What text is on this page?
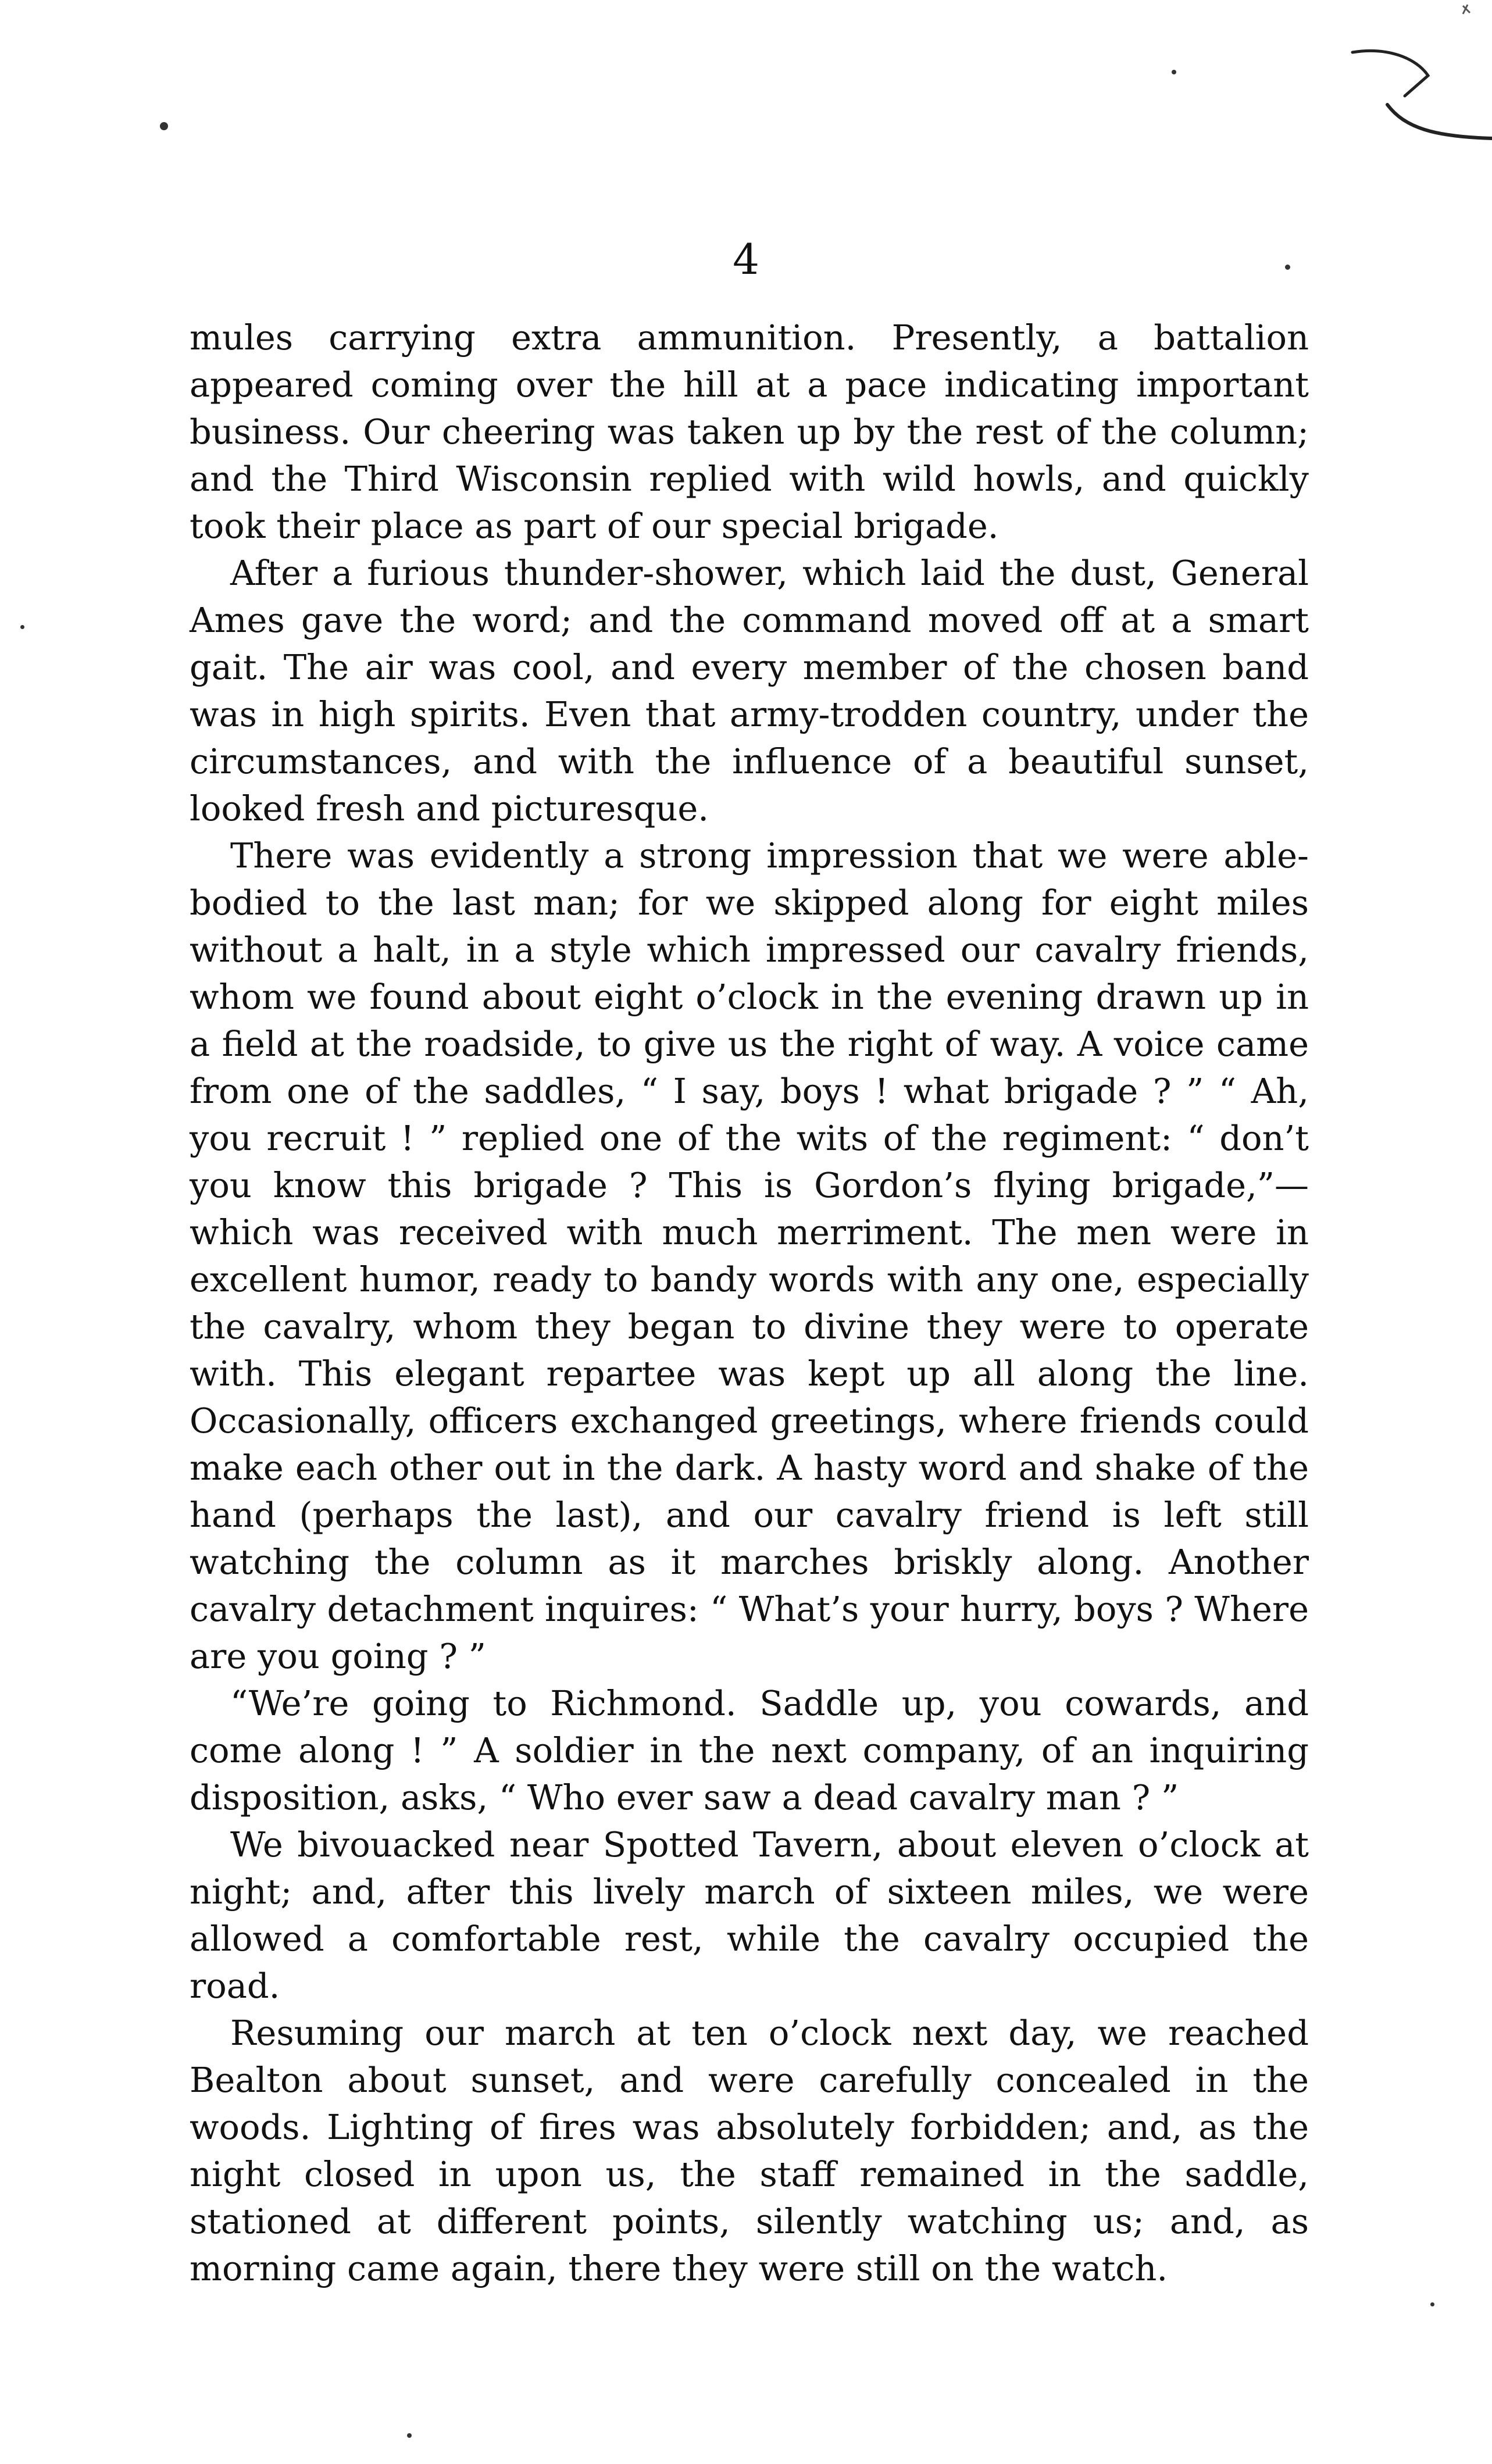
4

mules carrying extra ammunition. Presently, a battalion appeared coming over the hill at a pace indicating important business. Our cheering was taken up by the rest of the column; and the Third Wisconsin replied with wild howls, and quickly took their place as part of our special brigade.

After a furious thunder-shower, which laid the dust, General Ames gave the word; and the command moved off at a smart gait. The air was cool, and every member of the chosen band was in high spirits. Even that army-trodden country, under the circumstances, and with the influence of a beautiful sunset, looked fresh and picturesque.

There was evidently a strong impression that we were able-bodied to the last man; for we skipped along for eight miles without a halt, in a style which impressed our cavalry friends, whom we found about eight o’clock in the evening drawn up in a field at the roadside, to give us the right of way. A voice came from one of the saddles, “ I say, boys ! what brigade ? ” “ Ah, you recruit ! ” replied one of the wits of the regiment: “ don’t you know this brigade ? This is Gordon’s flying brigade,”— which was received with much merriment. The men were in excellent humor, ready to bandy words with any one, especially the cavalry, whom they began to divine they were to operate with. This elegant repartee was kept up all along the line. Occasionally, officers exchanged greetings, where friends could make each other out in the dark. A hasty word and shake of the hand (perhaps the last), and our cavalry friend is left still watching the column as it marches briskly along. Another cavalry detachment inquires: “ What’s your hurry, boys ? Where are you going ? ”

“We’re going to Richmond. Saddle up, you cowards, and come along ! ” A soldier in the next company, of an inquiring disposition, asks, “ Who ever saw a dead cavalry man ? ”

We bivouacked near Spotted Tavern, about eleven o’clock at night; and, after this lively march of sixteen miles, we were allowed a comfortable rest, while the cavalry occupied the road.

Resuming our march at ten o’clock next day, we reached Bealton about sunset, and were carefully concealed in the woods. Lighting of fires was absolutely forbidden; and, as the night closed in upon us, the staff remained in the saddle, stationed at different points, silently watching us; and, as morning came again, there they were still on the watch.
